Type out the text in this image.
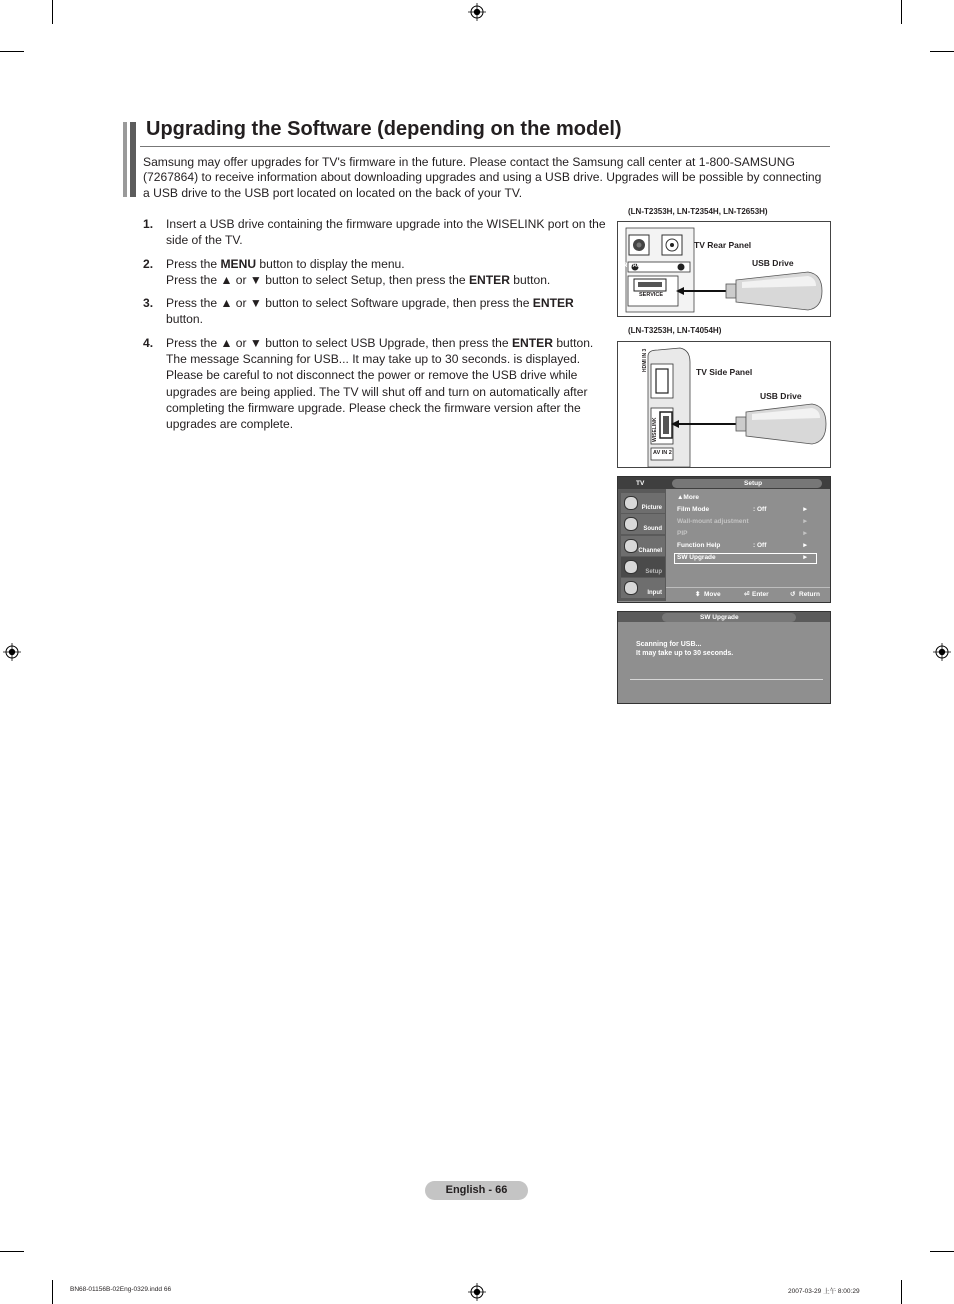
Upgrading the Software (depending on the model)
Samsung may offer upgrades for TV's firmware in the future. Please contact the Samsung call center at 1-800-SAMSUNG (7267864) to receive information about downloading upgrades and using a USB drive. Upgrades will be possible by connecting a USB drive to the USB port located on located on the back of your TV.
1. Insert a USB drive containing the firmware upgrade into the WISELINK port on the side of the TV.
2. Press the MENU button to display the menu.
Press the ▲ or ▼ button to select Setup, then press the ENTER button.
3. Press the ▲ or ▼ button to select Software upgrade, then press the ENTER button.
4. Press the ▲ or ▼ button to select USB Upgrade, then press the ENTER button.
The message Scanning for USB... It may take up to 30 seconds. is displayed. Please be careful to not disconnect the power or remove the USB drive while upgrades are being applied. The TV will shut off and turn on automatically after completing the firmware upgrade. Please check the firmware version after the upgrades are complete.
(LN-T2353H, LN-T2354H, LN-T2653H)
R - AUDIO - L
SERVICE
TV Rear Panel
USB Drive
(LN-T3253H, LN-T4054H)
HDMI IN 3
WISELINK
AV IN 2
TV Side Panel
USB Drive
TV	Setup
Picture
Sound
Channel
Setup
Input
▲More
Film Mode	: Off	►
Wall-mount adjustment	►
PIP	►
Function Help	: Off	►
SW Upgrade	►
⬍ Move	⏎ Enter	↺ Return
SW Upgrade
Scanning for USB...
It may take up to 30 seconds.
English - 66
BN68-01156B-02Eng-0329.indd 66	2007-03-29 上午 8:00:29
